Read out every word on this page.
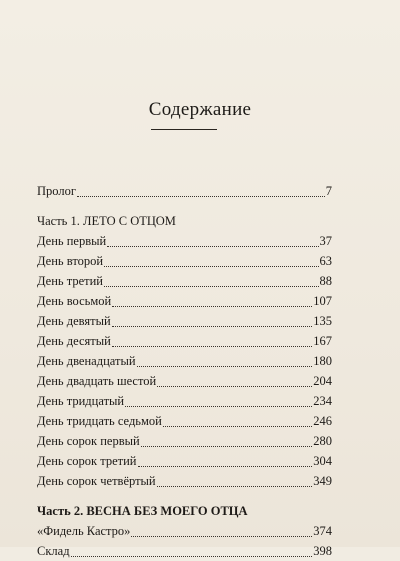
Содержание
Пролог	7
Часть 1. ЛЕТО С ОТЦОМ
День первый	37
День второй	63
День третий	88
День восьмой	107
День девятый	135
День десятый	167
День двенадцатый	180
День двадцать шестой	204
День тридцатый	234
День тридцать седьмой	246
День сорок первый	280
День сорок третий	304
День сорок четвёртый	349
Часть 2. ВЕСНА БЕЗ МОЕГО ОТЦА
«Фидель Кастро»	374
Склад	398
